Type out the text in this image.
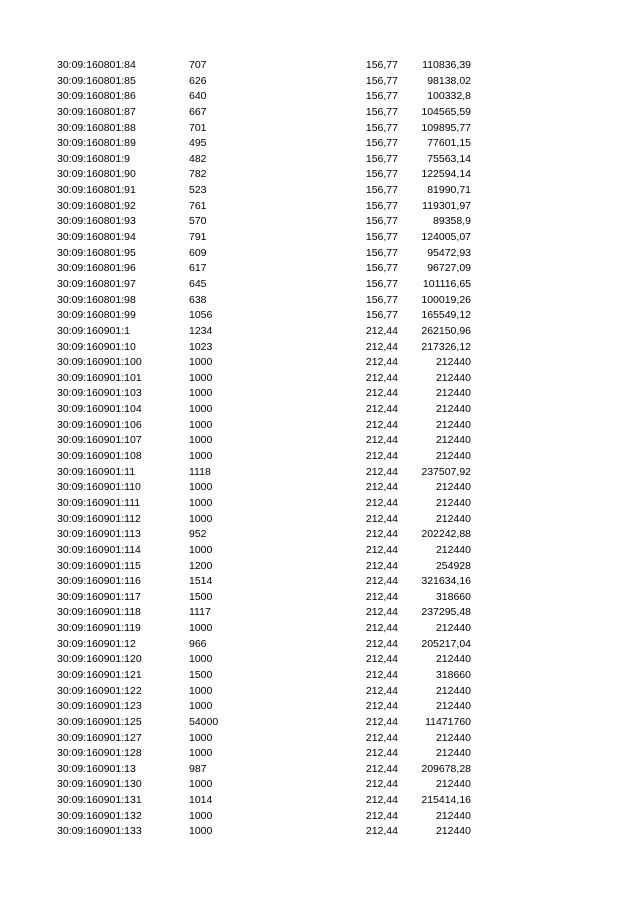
30:09:160801:84	707	156,77	110836,39
30:09:160801:85	626	156,77	98138,02
30:09:160801:86	640	156,77	100332,8
30:09:160801:87	667	156,77	104565,59
30:09:160801:88	701	156,77	109895,77
30:09:160801:89	495	156,77	77601,15
30:09:160801:9	482	156,77	75563,14
30:09:160801:90	782	156,77	122594,14
30:09:160801:91	523	156,77	81990,71
30:09:160801:92	761	156,77	119301,97
30:09:160801:93	570	156,77	89358,9
30:09:160801:94	791	156,77	124005,07
30:09:160801:95	609	156,77	95472,93
30:09:160801:96	617	156,77	96727,09
30:09:160801:97	645	156,77	101116,65
30:09:160801:98	638	156,77	100019,26
30:09:160801:99	1056	156,77	165549,12
30:09:160901:1	1234	212,44	262150,96
30:09:160901:10	1023	212,44	217326,12
30:09:160901:100	1000	212,44	212440
30:09:160901:101	1000	212,44	212440
30:09:160901:103	1000	212,44	212440
30:09:160901:104	1000	212,44	212440
30:09:160901:106	1000	212,44	212440
30:09:160901:107	1000	212,44	212440
30:09:160901:108	1000	212,44	212440
30:09:160901:11	1118	212,44	237507,92
30:09:160901:110	1000	212,44	212440
30:09:160901:111	1000	212,44	212440
30:09:160901:112	1000	212,44	212440
30:09:160901:113	952	212,44	202242,88
30:09:160901:114	1000	212,44	212440
30:09:160901:115	1200	212,44	254928
30:09:160901:116	1514	212,44	321634,16
30:09:160901:117	1500	212,44	318660
30:09:160901:118	1117	212,44	237295,48
30:09:160901:119	1000	212,44	212440
30:09:160901:12	966	212,44	205217,04
30:09:160901:120	1000	212,44	212440
30:09:160901:121	1500	212,44	318660
30:09:160901:122	1000	212,44	212440
30:09:160901:123	1000	212,44	212440
30:09:160901:125	54000	212,44	11471760
30:09:160901:127	1000	212,44	212440
30:09:160901:128	1000	212,44	212440
30:09:160901:13	987	212,44	209678,28
30:09:160901:130	1000	212,44	212440
30:09:160901:131	1014	212,44	215414,16
30:09:160901:132	1000	212,44	212440
30:09:160901:133	1000	212,44	212440
